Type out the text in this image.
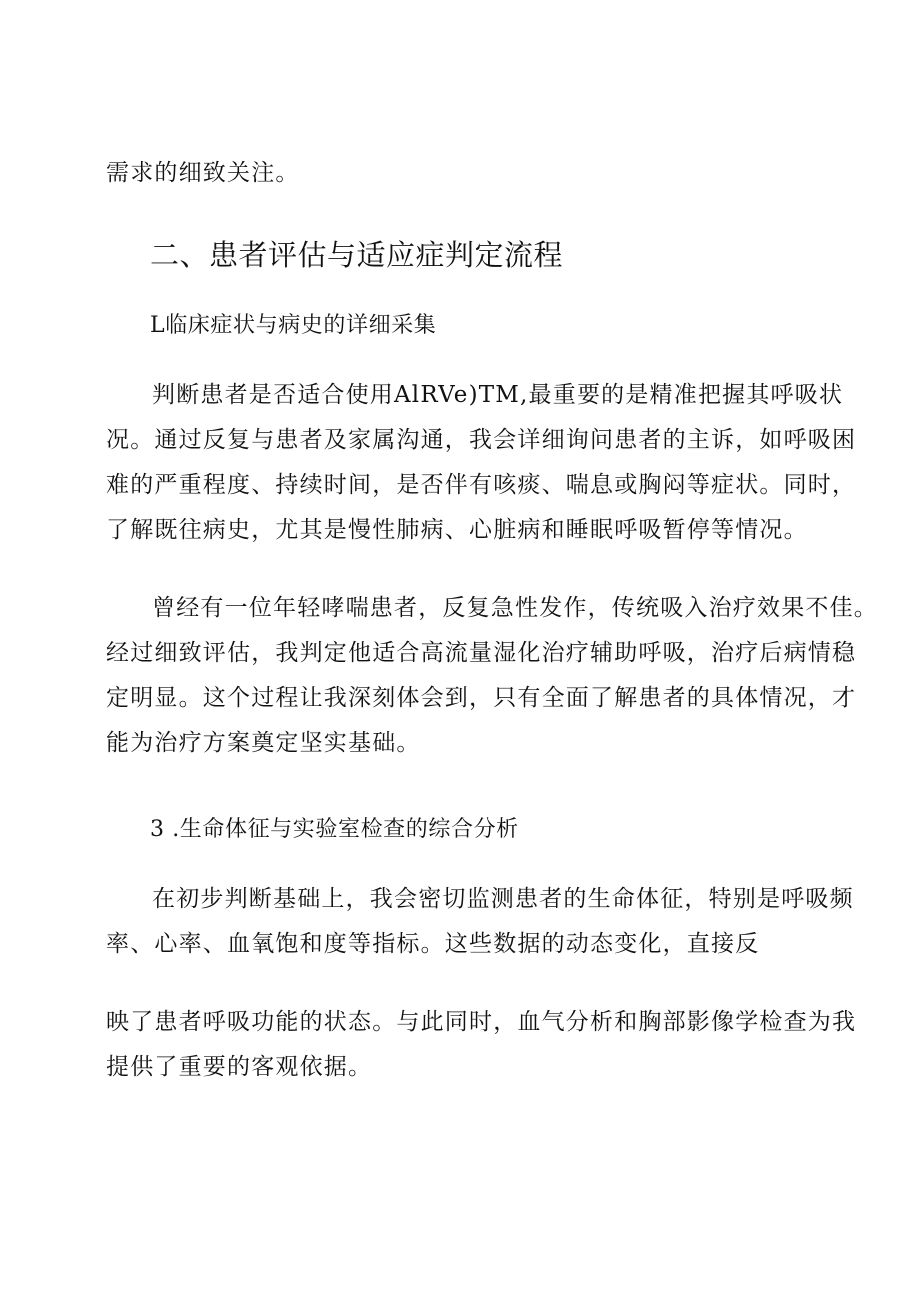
需求的细致关注。
二、患者评估与适应症判定流程
L临床症状与病史的详细采集
判断患者是否适合使用AlRVe)TM,最重要的是精准把握其呼吸状
况。通过反复与患者及家属沟通，我会详细询问患者的主诉，如呼吸困
难的严重程度、持续时间，是否伴有咳痰、喘息或胸闷等症状。同时，
了解既往病史，尤其是慢性肺病、心脏病和睡眠呼吸暂停等情况。
曾经有一位年轻哮喘患者，反复急性发作，传统吸入治疗效果不佳。
经过细致评估，我判定他适合高流量湿化治疗辅助呼吸，治疗后病情稳
定明显。这个过程让我深刻体会到，只有全面了解患者的具体情况，才
能为治疗方案奠定坚实基础。
3 .生命体征与实验室检查的综合分析
在初步判断基础上，我会密切监测患者的生命体征，特别是呼吸频
率、心率、血氧饱和度等指标。这些数据的动态变化，直接反
映了患者呼吸功能的状态。与此同时，血气分析和胸部影像学检查为我
提供了重要的客观依据。
